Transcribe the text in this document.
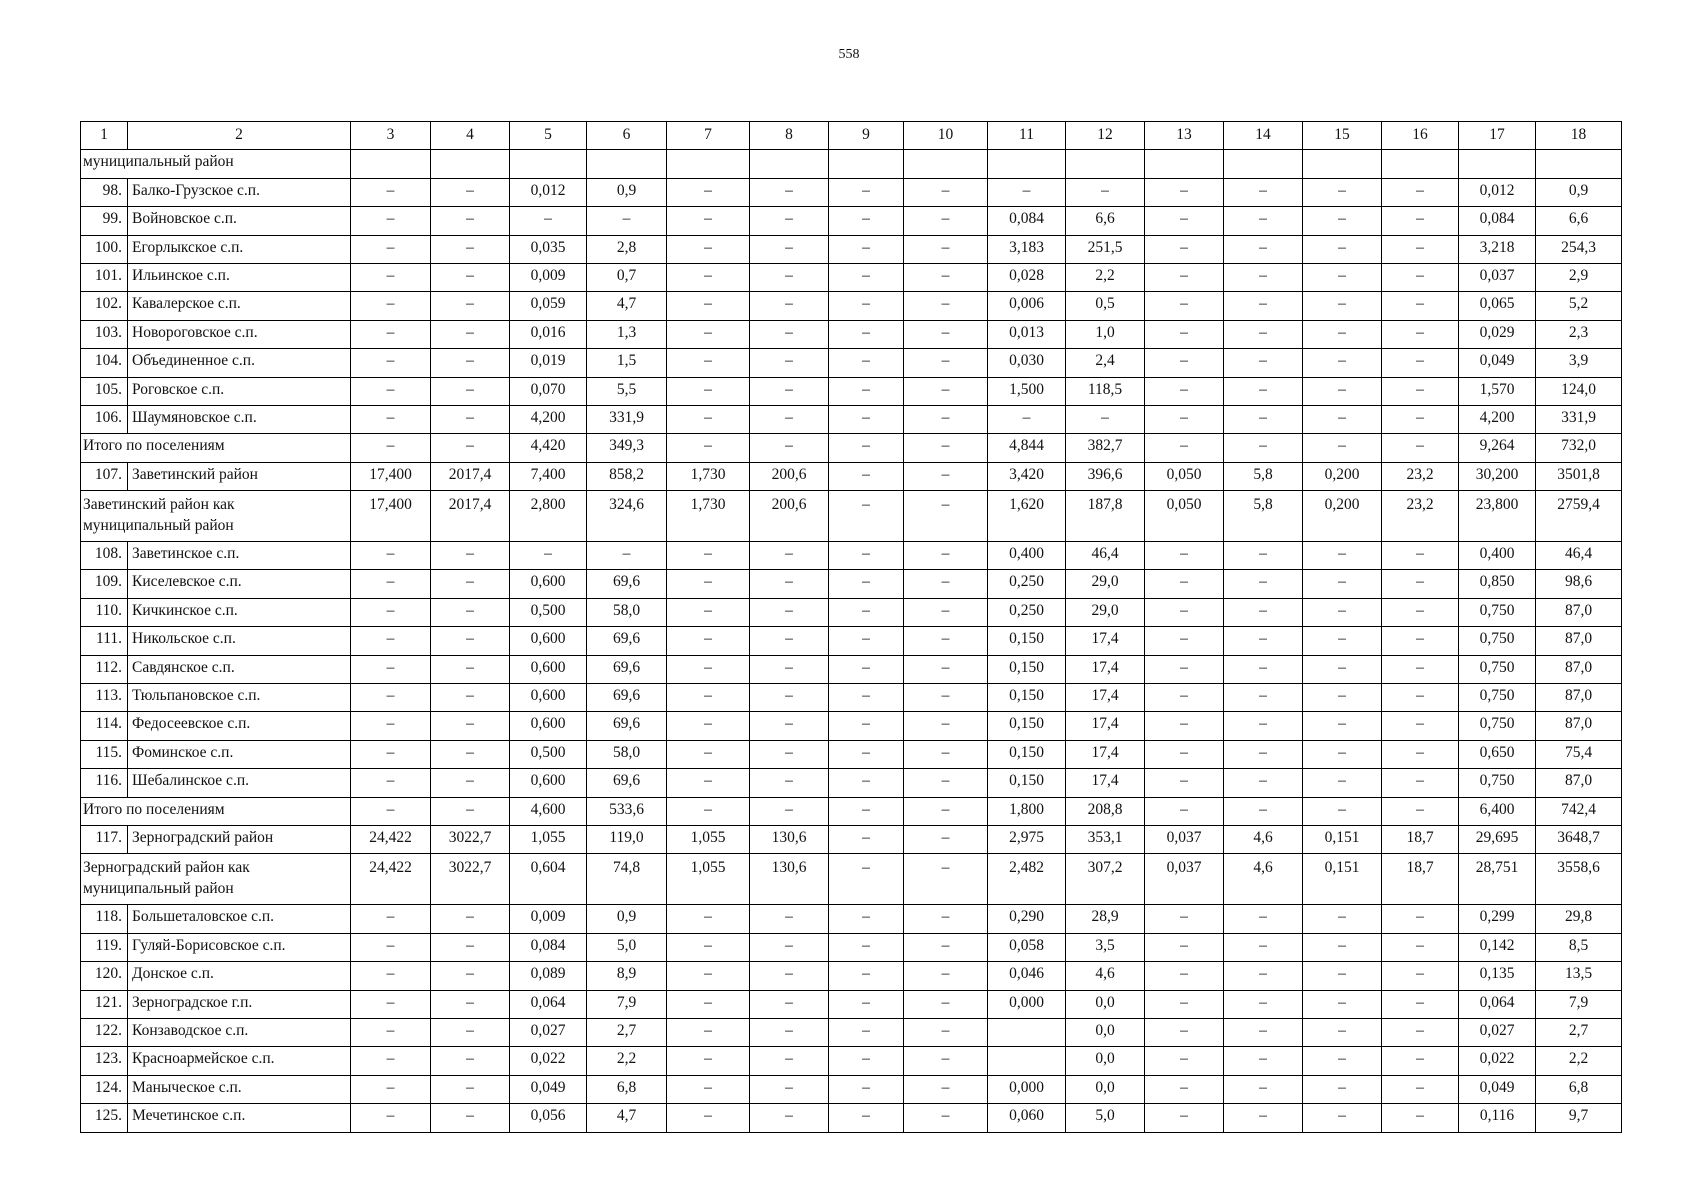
558
1	2	3	4	5	6	7	8	9	10	11	12	13	14	15	16	17	18
муниципальный район																	
98.	Балко-Грузское с.п.	–	–	0,012	0,9	–	–	–	–	–	–	–	–	–	–	0,012	0,9
99.	Войновское с.п.	–	–	–	–	–	–	–	–	0,084	6,6	–	–	–	–	0,084	6,6
100.	Егорлыкское с.п.	–	–	0,035	2,8	–	–	–	–	3,183	251,5	–	–	–	–	3,218	254,3
101.	Ильинское с.п.	–	–	0,009	0,7	–	–	–	–	0,028	2,2	–	–	–	–	0,037	2,9
102.	Кавалерское с.п.	–	–	0,059	4,7	–	–	–	–	0,006	0,5	–	–	–	–	0,065	5,2
103.	Новороговское с.п.	–	–	0,016	1,3	–	–	–	–	0,013	1,0	–	–	–	–	0,029	2,3
104.	Объединенное с.п.	–	–	0,019	1,5	–	–	–	–	0,030	2,4	–	–	–	–	0,049	3,9
105.	Роговское с.п.	–	–	0,070	5,5	–	–	–	–	1,500	118,5	–	–	–	–	1,570	124,0
106.	Шаумяновское с.п.	–	–	4,200	331,9	–	–	–	–	–	–	–	–	–	–	4,200	331,9
Итого по поселениям		–	–	4,420	349,3	–	–	–	–	4,844	382,7	–	–	–	–	9,264	732,0
107.	Заветинский район	17,400	2017,4	7,400	858,2	1,730	200,6	–	–	3,420	396,6	0,050	5,8	0,200	23,2	30,200	3501,8
Заветинский район как муниципальный район		17,400	2017,4	2,800	324,6	1,730	200,6	–	–	1,620	187,8	0,050	5,8	0,200	23,2	23,800	2759,4
108.	Заветинское с.п.	–	–	–	–	–	–	–	–	0,400	46,4	–	–	–	–	0,400	46,4
109.	Киселевское с.п.	–	–	0,600	69,6	–	–	–	–	0,250	29,0	–	–	–	–	0,850	98,6
110.	Кичкинское с.п.	–	–	0,500	58,0	–	–	–	–	0,250	29,0	–	–	–	–	0,750	87,0
111.	Никольское с.п.	–	–	0,600	69,6	–	–	–	–	0,150	17,4	–	–	–	–	0,750	87,0
112.	Савдянское с.п.	–	–	0,600	69,6	–	–	–	–	0,150	17,4	–	–	–	–	0,750	87,0
113.	Тюльпановское с.п.	–	–	0,600	69,6	–	–	–	–	0,150	17,4	–	–	–	–	0,750	87,0
114.	Федосеевское с.п.	–	–	0,600	69,6	–	–	–	–	0,150	17,4	–	–	–	–	0,750	87,0
115.	Фоминское с.п.	–	–	0,500	58,0	–	–	–	–	0,150	17,4	–	–	–	–	0,650	75,4
116.	Шебалинское с.п.	–	–	0,600	69,6	–	–	–	–	0,150	17,4	–	–	–	–	0,750	87,0
Итого по поселениям		–	–	4,600	533,6	–	–	–	–	1,800	208,8	–	–	–	–	6,400	742,4
117.	Зерноградский район	24,422	3022,7	1,055	119,0	1,055	130,6	–	–	2,975	353,1	0,037	4,6	0,151	18,7	29,695	3648,7
Зерноградский район как муниципальный район		24,422	3022,7	0,604	74,8	1,055	130,6	–	–	2,482	307,2	0,037	4,6	0,151	18,7	28,751	3558,6
118.	Большеталовское с.п.	–	–	0,009	0,9	–	–	–	–	0,290	28,9	–	–	–	–	0,299	29,8
119.	Гуляй-Борисовское с.п.	–	–	0,084	5,0	–	–	–	–	0,058	3,5	–	–	–	–	0,142	8,5
120.	Донское с.п.	–	–	0,089	8,9	–	–	–	–	0,046	4,6	–	–	–	–	0,135	13,5
121.	Зерноградское г.п.	–	–	0,064	7,9	–	–	–	–	0,000	0,0	–	–	–	–	0,064	7,9
122.	Конзаводское с.п.	–	–	0,027	2,7	–	–	–	–		0,0	–	–	–	–	0,027	2,7
123.	Красноармейское с.п.	–	–	0,022	2,2	–	–	–	–		0,0	–	–	–	–	0,022	2,2
124.	Маныческое с.п.	–	–	0,049	6,8	–	–	–	–	0,000	0,0	–	–	–	–	0,049	6,8
125.	Мечетинское с.п.	–	–	0,056	4,7	–	–	–	–	0,060	5,0	–	–	–	–	0,116	9,7
